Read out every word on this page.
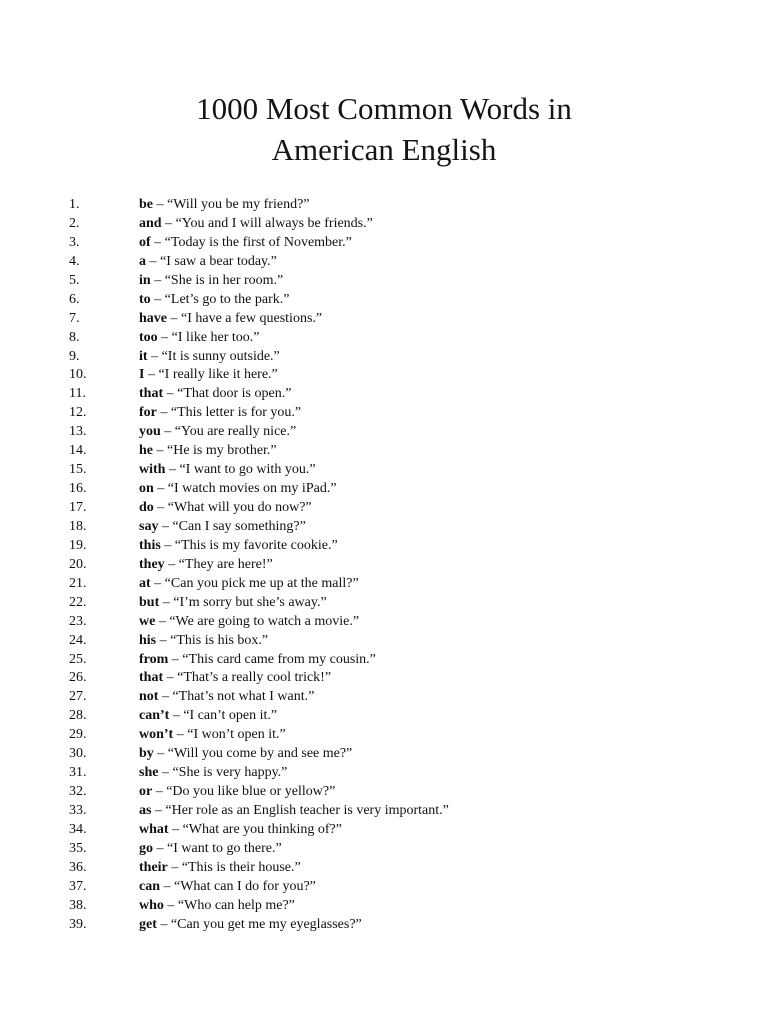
1000 Most Common Words in
American English
1.	be – “Will you be my friend?”
2.	and – “You and I will always be friends.”
3.	of – “Today is the first of November.”
4.	a – “I saw a bear today.”
5.	in – “She is in her room.”
6.	to – “Let’s go to the park.”
7.	have – “I have a few questions.”
8.	too – “I like her too.”
9.	it – “It is sunny outside.”
10.	I – “I really like it here.”
11.	that – “That door is open.”
12.	for – “This letter is for you.”
13.	you – “You are really nice.”
14.	he – “He is my brother.”
15.	with – “I want to go with you.”
16.	on – “I watch movies on my iPad.”
17.	do – “What will you do now?”
18.	say – “Can I say something?”
19.	this – “This is my favorite cookie.”
20.	they – “They are here!”
21.	at – “Can you pick me up at the mall?”
22.	but – “I’m sorry but she’s away.”
23.	we – “We are going to watch a movie.”
24.	his – “This is his box.”
25.	from – “This card came from my cousin.”
26.	that – “That’s a really cool trick!”
27.	not – “That’s not what I want.”
28.	can’t – “I can’t open it.”
29.	won’t – “I won’t open it.”
30.	by – “Will you come by and see me?”
31.	she – “She is very happy.”
32.	or – “Do you like blue or yellow?”
33.	as – “Her role as an English teacher is very important.”
34.	what – “What are you thinking of?”
35.	go – “I want to go there.”
36.	their – “This is their house.”
37.	can – “What can I do for you?”
38.	who – “Who can help me?”
39.	get – “Can you get me my eyeglasses?”
